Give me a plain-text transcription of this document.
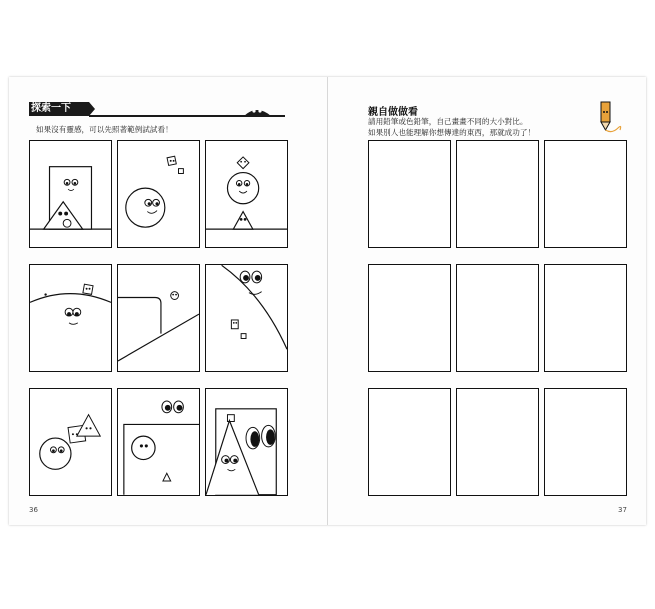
探索一下
如果沒有靈感，可以先照著範例試試看！
36
親自做做看
請用鉛筆或色鉛筆，自己畫畫不同的大小對比。
如果別人也能理解你想傳達的東西，那就成功了！
37
